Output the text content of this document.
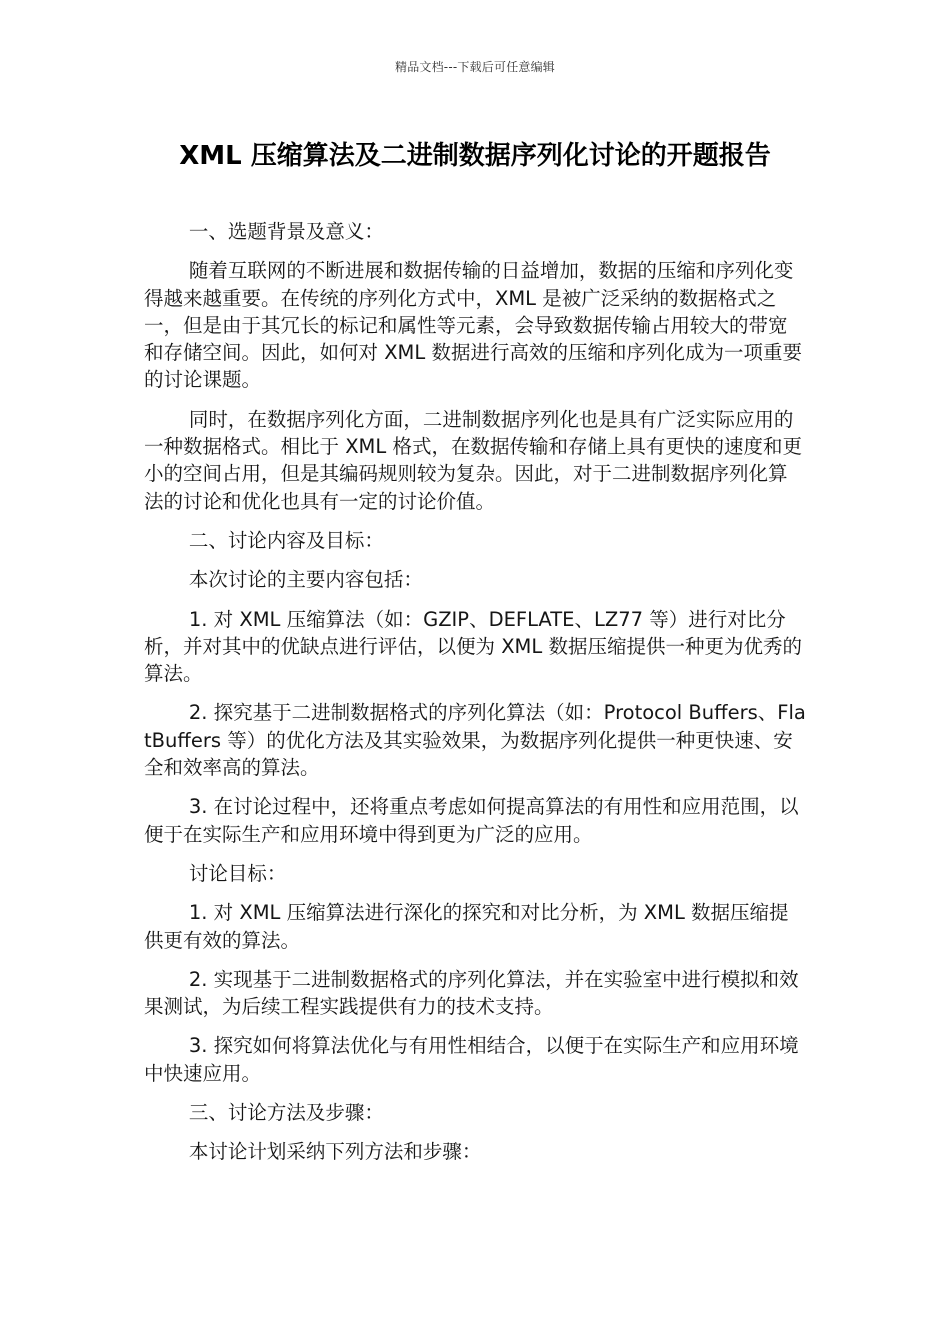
精品文档---下载后可任意编辑
XML 压缩算法及二进制数据序列化讨论的开题报告

一、选题背景及意义：

随着互联网的不断进展和数据传输的日益增加，数据的压缩和序列化变得越来越重要。在传统的序列化方式中，XML 是被广泛采纳的数据格式之一，但是由于其冗长的标记和属性等元素，会导致数据传输占用较大的带宽和存储空间。因此，如何对 XML 数据进行高效的压缩和序列化成为一项重要的讨论课题。

同时，在数据序列化方面，二进制数据序列化也是具有广泛实际应用的一种数据格式。相比于 XML 格式，在数据传输和存储上具有更快的速度和更小的空间占用，但是其编码规则较为复杂。因此，对于二进制数据序列化算法的讨论和优化也具有一定的讨论价值。

二、讨论内容及目标：

本次讨论的主要内容包括：

1. 对 XML 压缩算法（如：GZIP、DEFLATE、LZ77 等）进行对比分析，并对其中的优缺点进行评估，以便为 XML 数据压缩提供一种更为优秀的算法。

2. 探究基于二进制数据格式的序列化算法（如：Protocol Buffers、FlatBuffers 等）的优化方法及其实验效果，为数据序列化提供一种更快速、安全和效率高的算法。

3. 在讨论过程中，还将重点考虑如何提高算法的有用性和应用范围，以便于在实际生产和应用环境中得到更为广泛的应用。

讨论目标：

1. 对 XML 压缩算法进行深化的探究和对比分析，为 XML 数据压缩提供更有效的算法。

2. 实现基于二进制数据格式的序列化算法，并在实验室中进行模拟和效果测试，为后续工程实践提供有力的技术支持。

3. 探究如何将算法优化与有用性相结合，以便于在实际生产和应用环境中快速应用。

三、讨论方法及步骤：

本讨论计划采纳下列方法和步骤：
